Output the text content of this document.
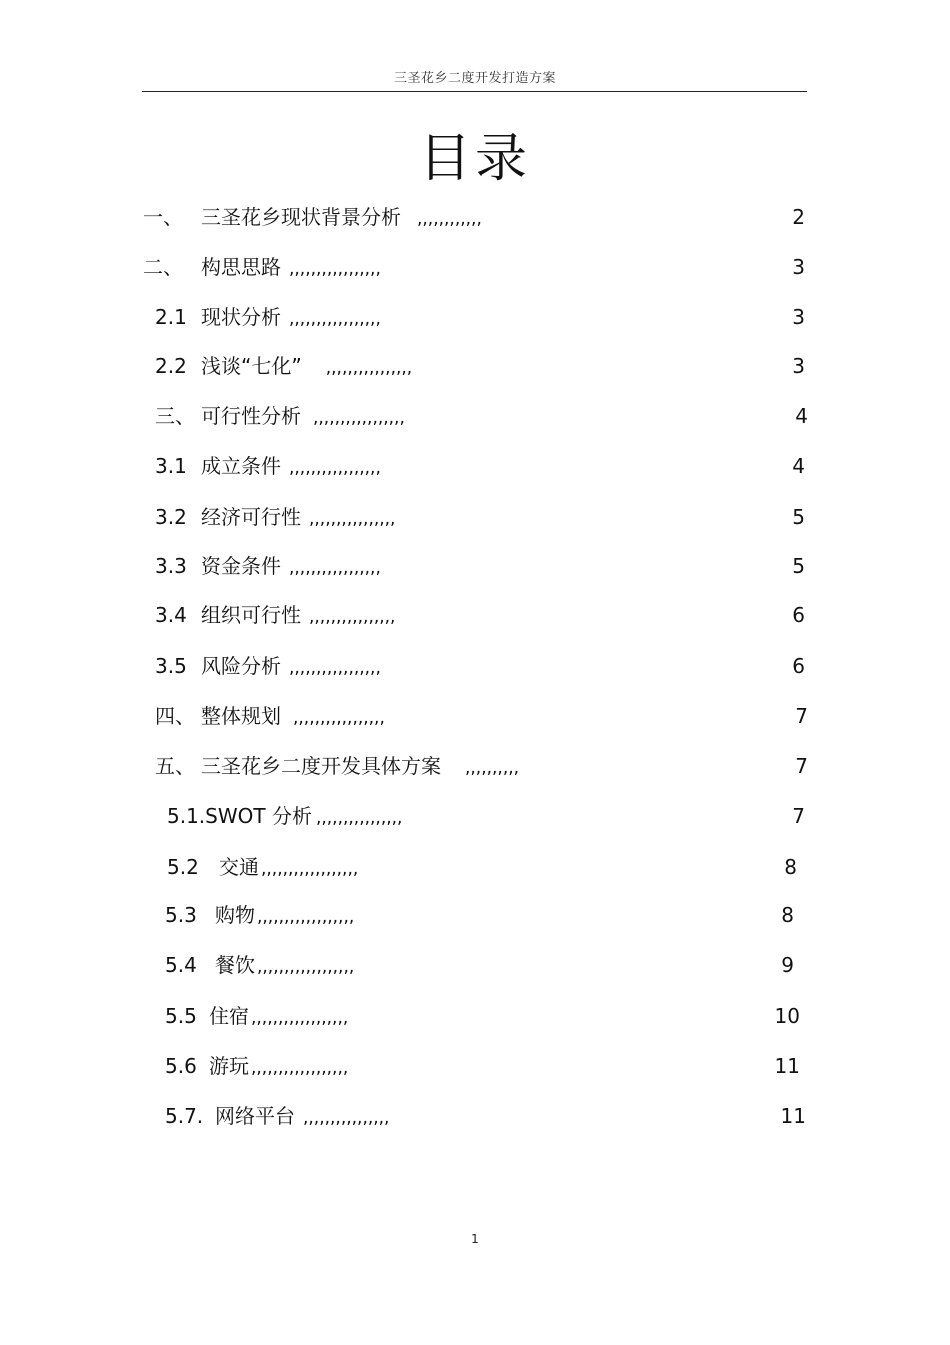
三圣花乡二度开发打造方案
目录
一、 三圣花乡现状背景分析 ,,,,,,,,,,,,	2
二、 构思思路 ,,,,,,,,,,,,,,,,,	3
2.1 现状分析 ,,,,,,,,,,,,,,,,,	3
2.2 浅谈“七化” ,,,,,,,,,,,,,,,,	3
三、 可行性分析 ,,,,,,,,,,,,,,,,,	4
3.1 成立条件 ,,,,,,,,,,,,,,,,,	4
3.2 经济可行性 ,,,,,,,,,,,,,,,,	5
3.3 资金条件 ,,,,,,,,,,,,,,,,,	5
3.4 组织可行性 ,,,,,,,,,,,,,,,,	6
3.5 风险分析 ,,,,,,,,,,,,,,,,,	6
四、 整体规划 ,,,,,,,,,,,,,,,,,	7
五、 三圣花乡二度开发具体方案 ,,,,,,,,,,	7
5.1.SWOT 分析 ,,,,,,,,,,,,,,,,	7
5.2 交通 ,,,,,,,,,,,,,,,,,,	8
5.3 购物 ,,,,,,,,,,,,,,,,,,	8
5.4 餐饮 ,,,,,,,,,,,,,,,,,,	9
5.5 住宿 ,,,,,,,,,,,,,,,,,,	10
5.6 游玩 ,,,,,,,,,,,,,,,,,,	11
5.7. 网络平台 ,,,,,,,,,,,,,,,,	11
1
